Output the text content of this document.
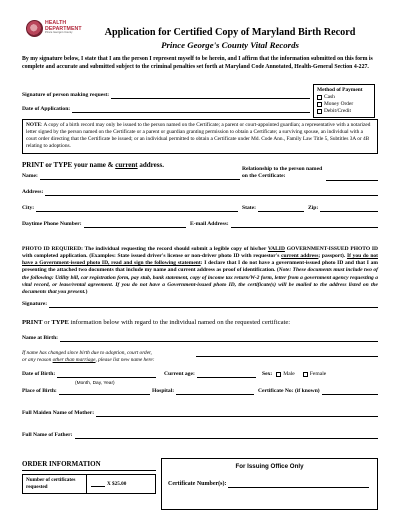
HEALTH
DEPARTMENT
Prince George's County	Application for Certified Copy of Maryland Birth Record
Prince George's County Vital Records
By my signature below, I state that I am the person I represent myself to be herein, and I affirm that the information submitted on this form is complete and accurate and submitted subject to the criminal penalties set forth at Maryland Code Annotated, Health-General Section 4-227.
Method of Payment
Cash
Money Order
Debit/Credit
Signature of person making request:
Date of Application:
NOTE: A copy of a birth record may only be issued to the person named on the Certificate; a parent or court-appointed guardian; a representative with a notarized letter signed by the person named on the Certificate or a parent or guardian granting permission to obtain a Certificate; a surviving spouse, an individual with a court order directing that the Certificate be issued; or an individual permitted to obtain a Certificate under Md. Code Ann., Family Law Title 5, Subtitles 3A or 4B relating to adoptions.
PRINT or TYPE your name & current address.
Name:
Relationship to the person named on the Certificate:
Address:
City:	State:	Zip:
Daytime Phone Number:	E-mail Address:
PHOTO ID REQUIRED: The individual requesting the record should submit a legible copy of his/her VALID GOVERNMENT-ISSUED PHOTO ID with completed application. (Examples: State issued driver's license or non-driver photo ID with requestor's current address; passport). If you do not have a Government-issued photo ID, read and sign the following statement: I declare that I do not have a government-issued photo ID and that I am presenting the attached two documents that include my name and current address as proof of identification. (Note: These documents must include two of the following: Utility bill, car registration form, pay stub, bank statement, copy of income tax return/W-2 form, letter from a government agency requesting a vital record, or lease/rental agreement. If you do not have a Government-issued photo ID, the certificate(s) will be mailed to the address listed on the documents that you present.)
Signature:
PRINT or TYPE information below with regard to the individual named on the requested certificate:
Name at Birth:
If name has changed since birth due to adoption, court order,
or any reason other than marriage, please list new name here:
Date of Birth:
(Month, Day, Year)
Current age:	Sex: Male	Female
Place of Birth:	Hospital:	Certificate No: (if known)
Full Maiden Name of Mother:
Full Name of Father:
ORDER INFORMATION
Number of certificates requested	X $25.00
For Issuing Office Only
Certificate Number(s):
